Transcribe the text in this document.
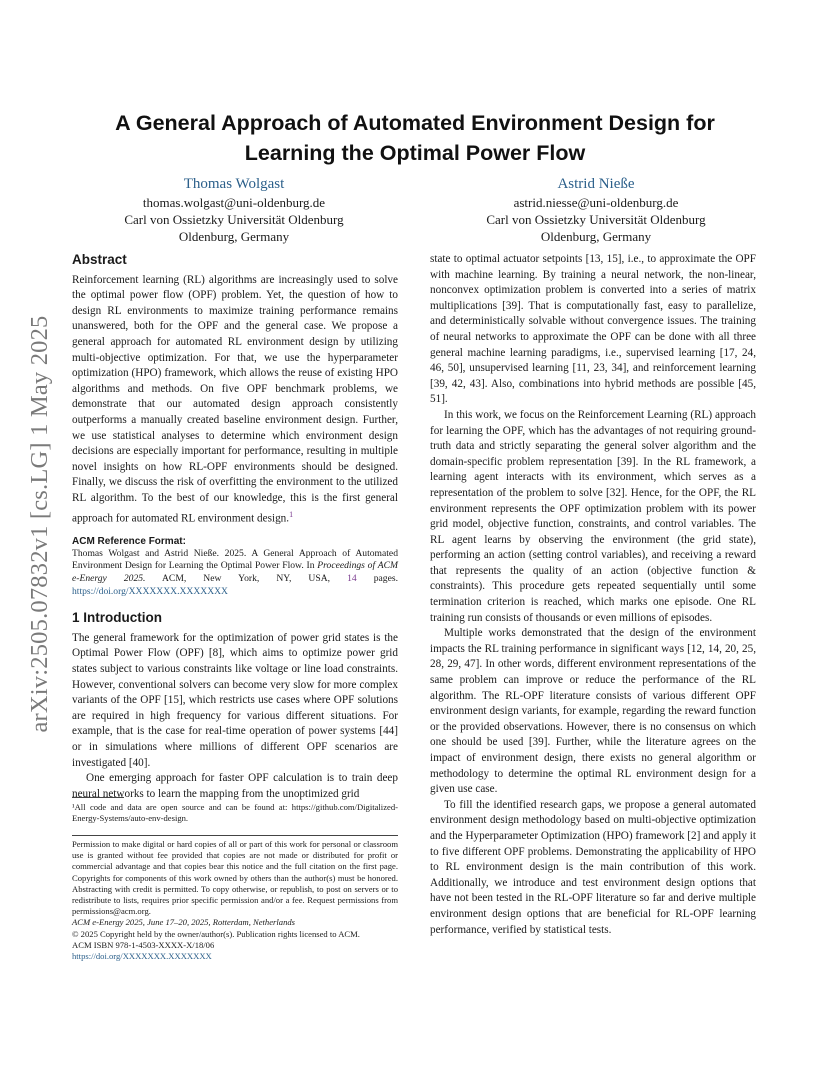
arXiv:2505.07832v1 [cs.LG] 1 May 2025
A General Approach of Automated Environment Design for Learning the Optimal Power Flow
Thomas Wolgast
thomas.wolgast@uni-oldenburg.de
Carl von Ossietzky Universität Oldenburg
Oldenburg, Germany
Astrid Nieße
astrid.niesse@uni-oldenburg.de
Carl von Ossietzky Universität Oldenburg
Oldenburg, Germany
Abstract

Reinforcement learning (RL) algorithms are increasingly used to solve the optimal power flow (OPF) problem. Yet, the question of how to design RL environments to maximize training performance remains unanswered, both for the OPF and the general case. We propose a general approach for automated RL environment design by utilizing multi-objective optimization. For that, we use the hyperparameter optimization (HPO) framework, which allows the reuse of existing HPO algorithms and methods. On five OPF benchmark problems, we demonstrate that our automated design approach consistently outperforms a manually created baseline environment design. Further, we use statistical analyses to determine which environment design decisions are especially important for performance, resulting in multiple novel insights on how RL-OPF environments should be designed. Finally, we discuss the risk of overfitting the environment to the utilized RL algorithm. To the best of our knowledge, this is the first general approach for automated RL environment design.$^1$

ACM Reference Format:

Thomas Wolgast and Astrid Nieße. 2025. A General Approach of Automated Environment Design for Learning the Optimal Power Flow. In Proceedings of ACM e-Energy 2025. ACM, New York, NY, USA, 14 pages. https://doi.org/XXXXXXX.XXXXXXX

1 Introduction

The general framework for the optimization of power grid states is the Optimal Power Flow (OPF) [8], which aims to optimize power grid states subject to various constraints like voltage or line load constraints. However, conventional solvers can become very slow for more complex variants of the OPF [15], which restricts use cases where OPF solutions are required in high frequency for various different situations. For example, that is the case for real-time operation of power systems [44] or in simulations where millions of different OPF scenarios are investigated [40].

One emerging approach for faster OPF calculation is to train deep neural networks to learn the mapping from the unoptimized grid

¹All code and data are open source and can be found at: https://github.com/Digitalized-Energy-Systems/auto-env-design.

Permission to make digital or hard copies of all or part of this work for personal or classroom use is granted without fee provided that copies are not made or distributed for profit or commercial advantage and that copies bear this notice and the full citation on the first page. Copyrights for components of this work owned by others than the author(s) must be honored. Abstracting with credit is permitted. To copy otherwise, or republish, to post on servers or to redistribute to lists, requires prior specific permission and/or a fee. Request permissions from permissions@acm.org.

ACM e-Energy 2025, June 17–20, 2025, Rotterdam, Netherlands

© 2025 Copyright held by the owner/author(s). Publication rights licensed to ACM.

ACM ISBN 978-1-4503-XXXX-X/18/06

https://doi.org/XXXXXXX.XXXXXXX

state to optimal actuator setpoints [13, 15], i.e., to approximate the OPF with machine learning. By training a neural network, the non-linear, nonconvex optimization problem is converted into a series of matrix multiplications [39]. That is computationally fast, easy to parallelize, and deterministically solvable without convergence issues. The training of neural networks to approximate the OPF can be done with all three general machine learning paradigms, i.e., supervised learning [17, 24, 46, 50], unsupervised learning [11, 23, 34], and reinforcement learning [39, 42, 43]. Also, combinations into hybrid methods are possible [45, 51].

In this work, we focus on the Reinforcement Learning (RL) approach for learning the OPF, which has the advantages of not requiring ground-truth data and strictly separating the general solver algorithm and the domain-specific problem representation [39]. In the RL framework, a learning agent interacts with its environment, which serves as a representation of the problem to solve [32]. Hence, for the OPF, the RL environment represents the OPF optimization problem with its power grid model, objective function, constraints, and control variables. The RL agent learns by observing the environment (the grid state), performing an action (setting control variables), and receiving a reward that represents the quality of an action (objective function & constraints). This procedure gets repeated sequentially until some termination criterion is reached, which marks one episode. One RL training run consists of thousands or even millions of episodes.

Multiple works demonstrated that the design of the environment impacts the RL training performance in significant ways [12, 14, 20, 25, 28, 29, 47]. In other words, different environment representations of the same problem can improve or reduce the performance of the RL algorithm. The RL-OPF literature consists of various different OPF environment design variants, for example, regarding the reward function or the provided observations. However, there is no consensus on which one should be used [39]. Further, while the literature agrees on the impact of environment design, there exists no general algorithm or methodology to determine the optimal RL environment design for a given use case.

To fill the identified research gaps, we propose a general automated environment design methodology based on multi-objective optimization and the Hyperparameter Optimization (HPO) framework [2] and apply it to five different OPF problems. Demonstrating the applicability of HPO to RL environment design is the main contribution of this work. Additionally, we introduce and test environment design options that have not been tested in the RL-OPF literature so far and derive multiple environment design options that are beneficial for RL-OPF learning performance, verified by statistical tests.
